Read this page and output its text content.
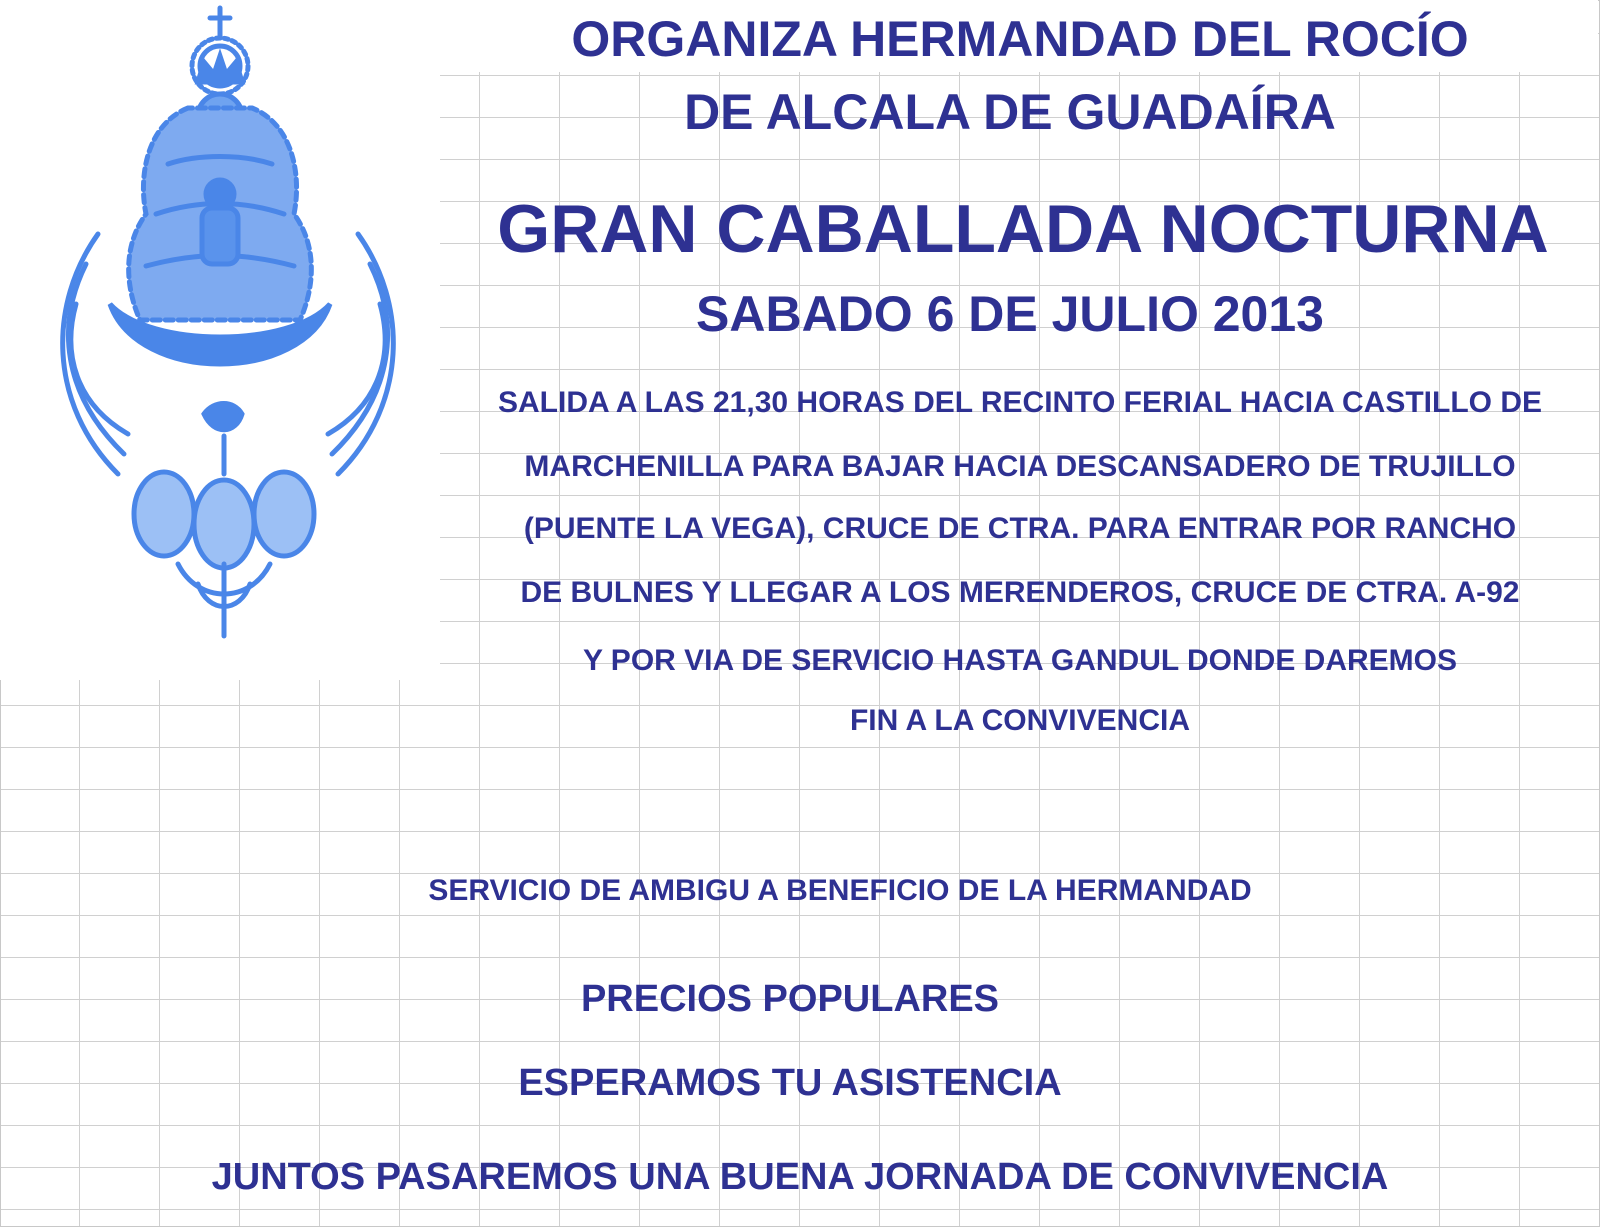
ORGANIZA HERMANDAD DEL ROCÍO
DE ALCALA DE GUADAÍRA
GRAN CABALLADA NOCTURNA
SABADO 6 DE JULIO 2013
SALIDA A LAS 21,30 HORAS DEL RECINTO FERIAL HACIA CASTILLO DE
MARCHENILLA PARA BAJAR HACIA DESCANSADERO DE TRUJILLO
(PUENTE LA VEGA), CRUCE DE CTRA. PARA ENTRAR POR RANCHO
DE BULNES Y LLEGAR A LOS MERENDEROS, CRUCE DE CTRA. A-92
Y POR VIA DE SERVICIO HASTA GANDUL DONDE DAREMOS
FIN A LA CONVIVENCIA
SERVICIO DE AMBIGU A BENEFICIO DE LA HERMANDAD
PRECIOS POPULARES
ESPERAMOS TU ASISTENCIA
JUNTOS PASAREMOS UNA BUENA JORNADA DE CONVIVENCIA
